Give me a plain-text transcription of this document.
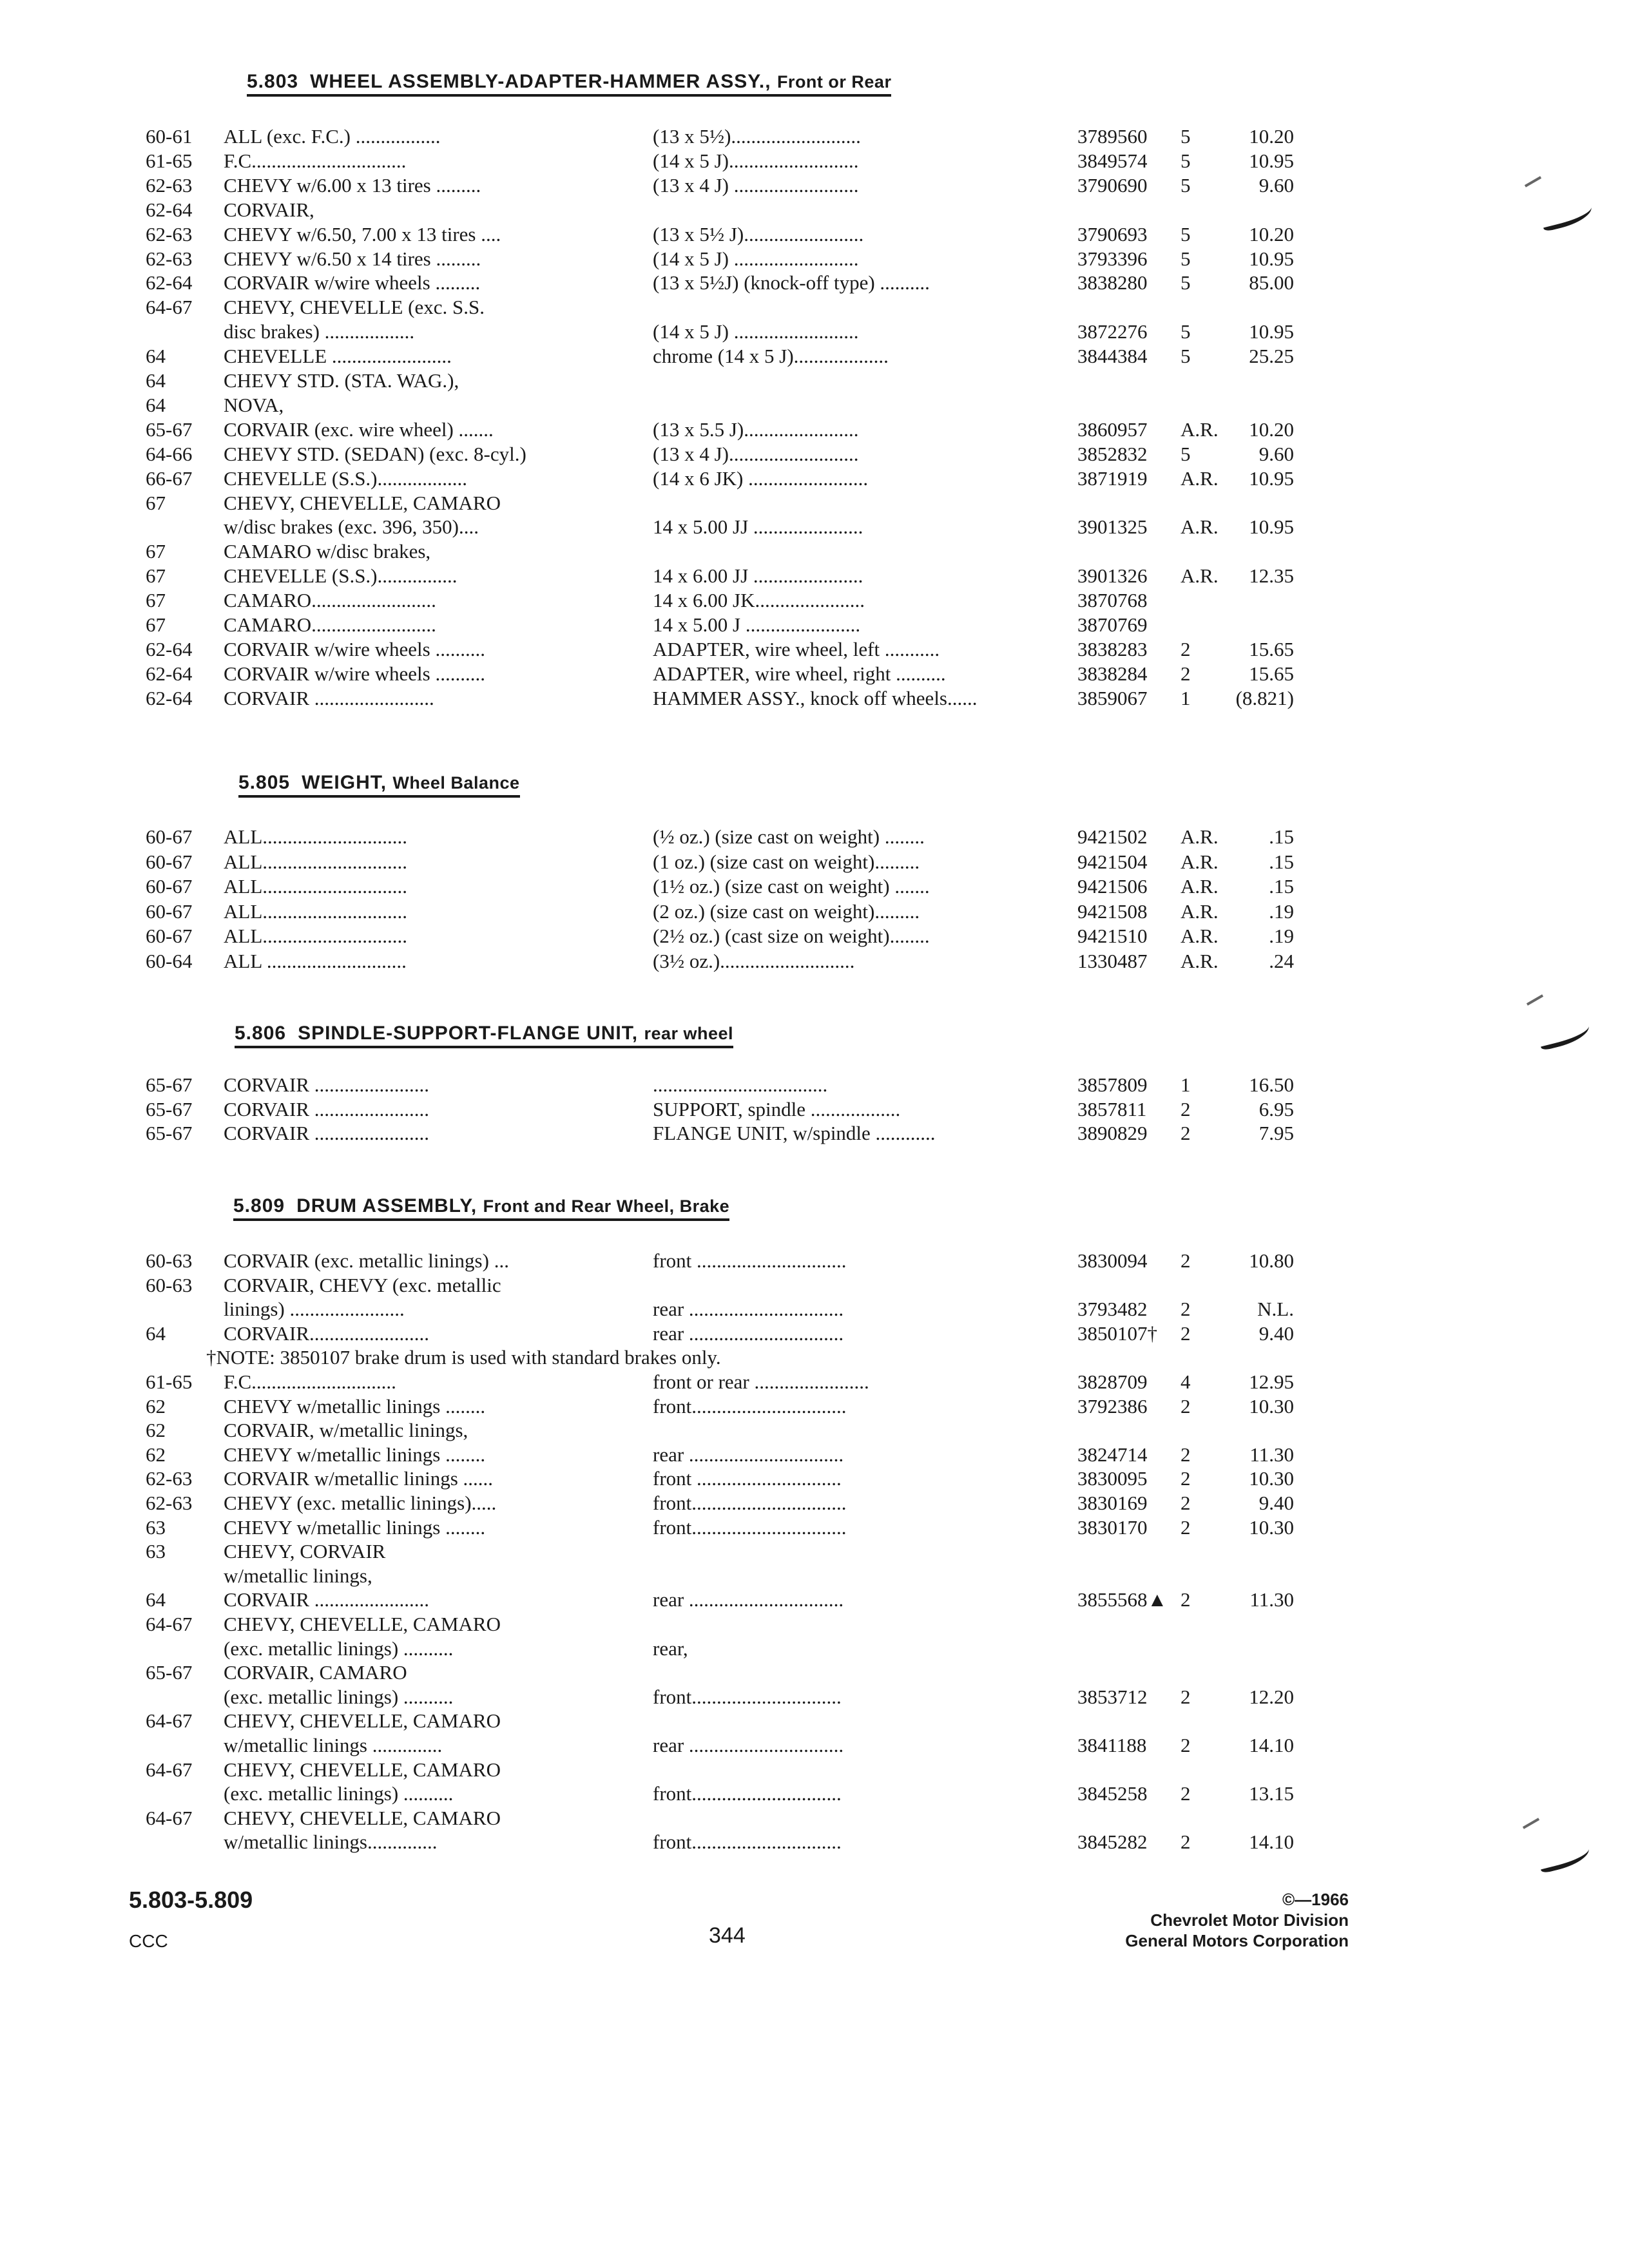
5.803 WHEEL ASSEMBLY-ADAPTER-HAMMER ASSY., Front or Rear
60-61 ALL (exc. F.C.) .................	(13 x 5½)..........................	3789560 5	10.20
61-65 F.C...............................	(14 x 5 J)..........................	3849574 5	10.95
62-63 CHEVY w/6.00 x 13 tires .........	(13 x 4 J) .........................	3790690 5	9.60
62-64 CORVAIR,
62-63 CHEVY w/6.50, 7.00 x 13 tires ....	(13 x 5½ J)........................	3790693 5	10.20
62-63 CHEVY w/6.50 x 14 tires .........	(14 x 5 J) .........................	3793396 5	10.95
62-64 CORVAIR w/wire wheels .........	(13 x 5½J) (knock-off type) ..........	3838280 5	85.00
64-67 CHEVY, CHEVELLE (exc. S.S.
disc brakes) ..................	(14 x 5 J) .........................	3872276 5	10.95
64	CHEVELLE ........................	chrome (14 x 5 J)...................	3844384 5	25.25
64	CHEVY STD. (STA. WAG.),
64	NOVA,
65-67 CORVAIR (exc. wire wheel) .......	(13 x 5.5 J).......................	3860957 A.R. 10.20
64-66 CHEVY STD. (SEDAN) (exc. 8-cyl.)	(13 x 4 J)..........................	3852832 5	9.60
66-67 CHEVELLE (S.S.)..................	(14 x 6 JK) ........................	3871919 A.R. 10.95
67	CHEVY, CHEVELLE, CAMARO
w/disc brakes (exc. 396, 350)....	14 x 5.00 JJ ......................	3901325 A.R. 10.95
67	CAMARO w/disc brakes,
67	CHEVELLE (S.S.)................	14 x 6.00 JJ ......................	3901326 A.R. 12.35
67	CAMARO.........................	14 x 6.00 JK......................	3870768
67	CAMARO.........................	14 x 5.00 J .......................	3870769
62-64 CORVAIR w/wire wheels ..........	ADAPTER, wire wheel, left ...........	3838283 2	15.65
62-64 CORVAIR w/wire wheels ..........	ADAPTER, wire wheel, right ..........	3838284 2	15.65
62-64 CORVAIR ........................	HAMMER ASSY., knock off wheels......	3859067 1 (8.821)
5.805 WEIGHT, Wheel Balance
60-67 ALL.............................	(½ oz.) (size cast on weight) ........	9421502 A.R.	.15
60-67 ALL.............................	(1 oz.) (size cast on weight).........	9421504 A.R.	.15
60-67 ALL.............................	(1½ oz.) (size cast on weight) .......	9421506 A.R.	.15
60-67 ALL.............................	(2 oz.) (size cast on weight).........	9421508 A.R.	.19
60-67 ALL.............................	(2½ oz.) (cast size on weight)........	9421510 A.R.	.19
60-64 ALL ............................	(3½ oz.)...........................	1330487 A.R.	.24
5.806 SPINDLE-SUPPORT-FLANGE UNIT, rear wheel
65-67 CORVAIR .......................	...................................	3857809 1	16.50
65-67 CORVAIR .......................	SUPPORT, spindle ..................	3857811 2	6.95
65-67 CORVAIR .......................	FLANGE UNIT, w/spindle ............	3890829 2	7.95
5.809 DRUM ASSEMBLY, Front and Rear Wheel, Brake
60-63 CORVAIR (exc. metallic linings) ...	front ..............................	3830094 2	10.80
60-63 CORVAIR, CHEVY (exc. metallic
linings) .......................	rear ...............................	3793482 2	N.L.
64	CORVAIR........................	rear ...............................	3850107† 2	9.40
†NOTE: 3850107 brake drum is used with standard brakes only.
61-65 F.C.............................	front or rear .......................	3828709 4	12.95
62	CHEVY w/metallic linings ........	front...............................	3792386 2	10.30
62	CORVAIR, w/metallic linings,
62	CHEVY w/metallic linings ........	rear ...............................	3824714 2	11.30
62-63 CORVAIR w/metallic linings ......	front .............................	3830095 2	10.30
62-63 CHEVY (exc. metallic linings).....	front...............................	3830169 2	9.40
63	CHEVY w/metallic linings ........	front...............................	3830170 2	10.30
63	CHEVY, CORVAIR
w/metallic linings,
64	CORVAIR .......................	rear ...............................	3855568▲ 2	11.30
64-67 CHEVY, CHEVELLE, CAMARO
(exc. metallic linings) ..........	rear,
65-67 CORVAIR, CAMARO
(exc. metallic linings) ..........	front..............................	3853712 2	12.20
64-67 CHEVY, CHEVELLE, CAMARO
w/metallic linings ..............	rear ...............................	3841188 2	14.10
64-67 CHEVY, CHEVELLE, CAMARO
(exc. metallic linings) ..........	front..............................	3845258 2	13.15
64-67 CHEVY, CHEVELLE, CAMARO
w/metallic linings..............	front..............................	3845282 2	14.10
5.803-5.809
CCC	344
©—1966
Chevrolet Motor Division
General Motors Corporation
